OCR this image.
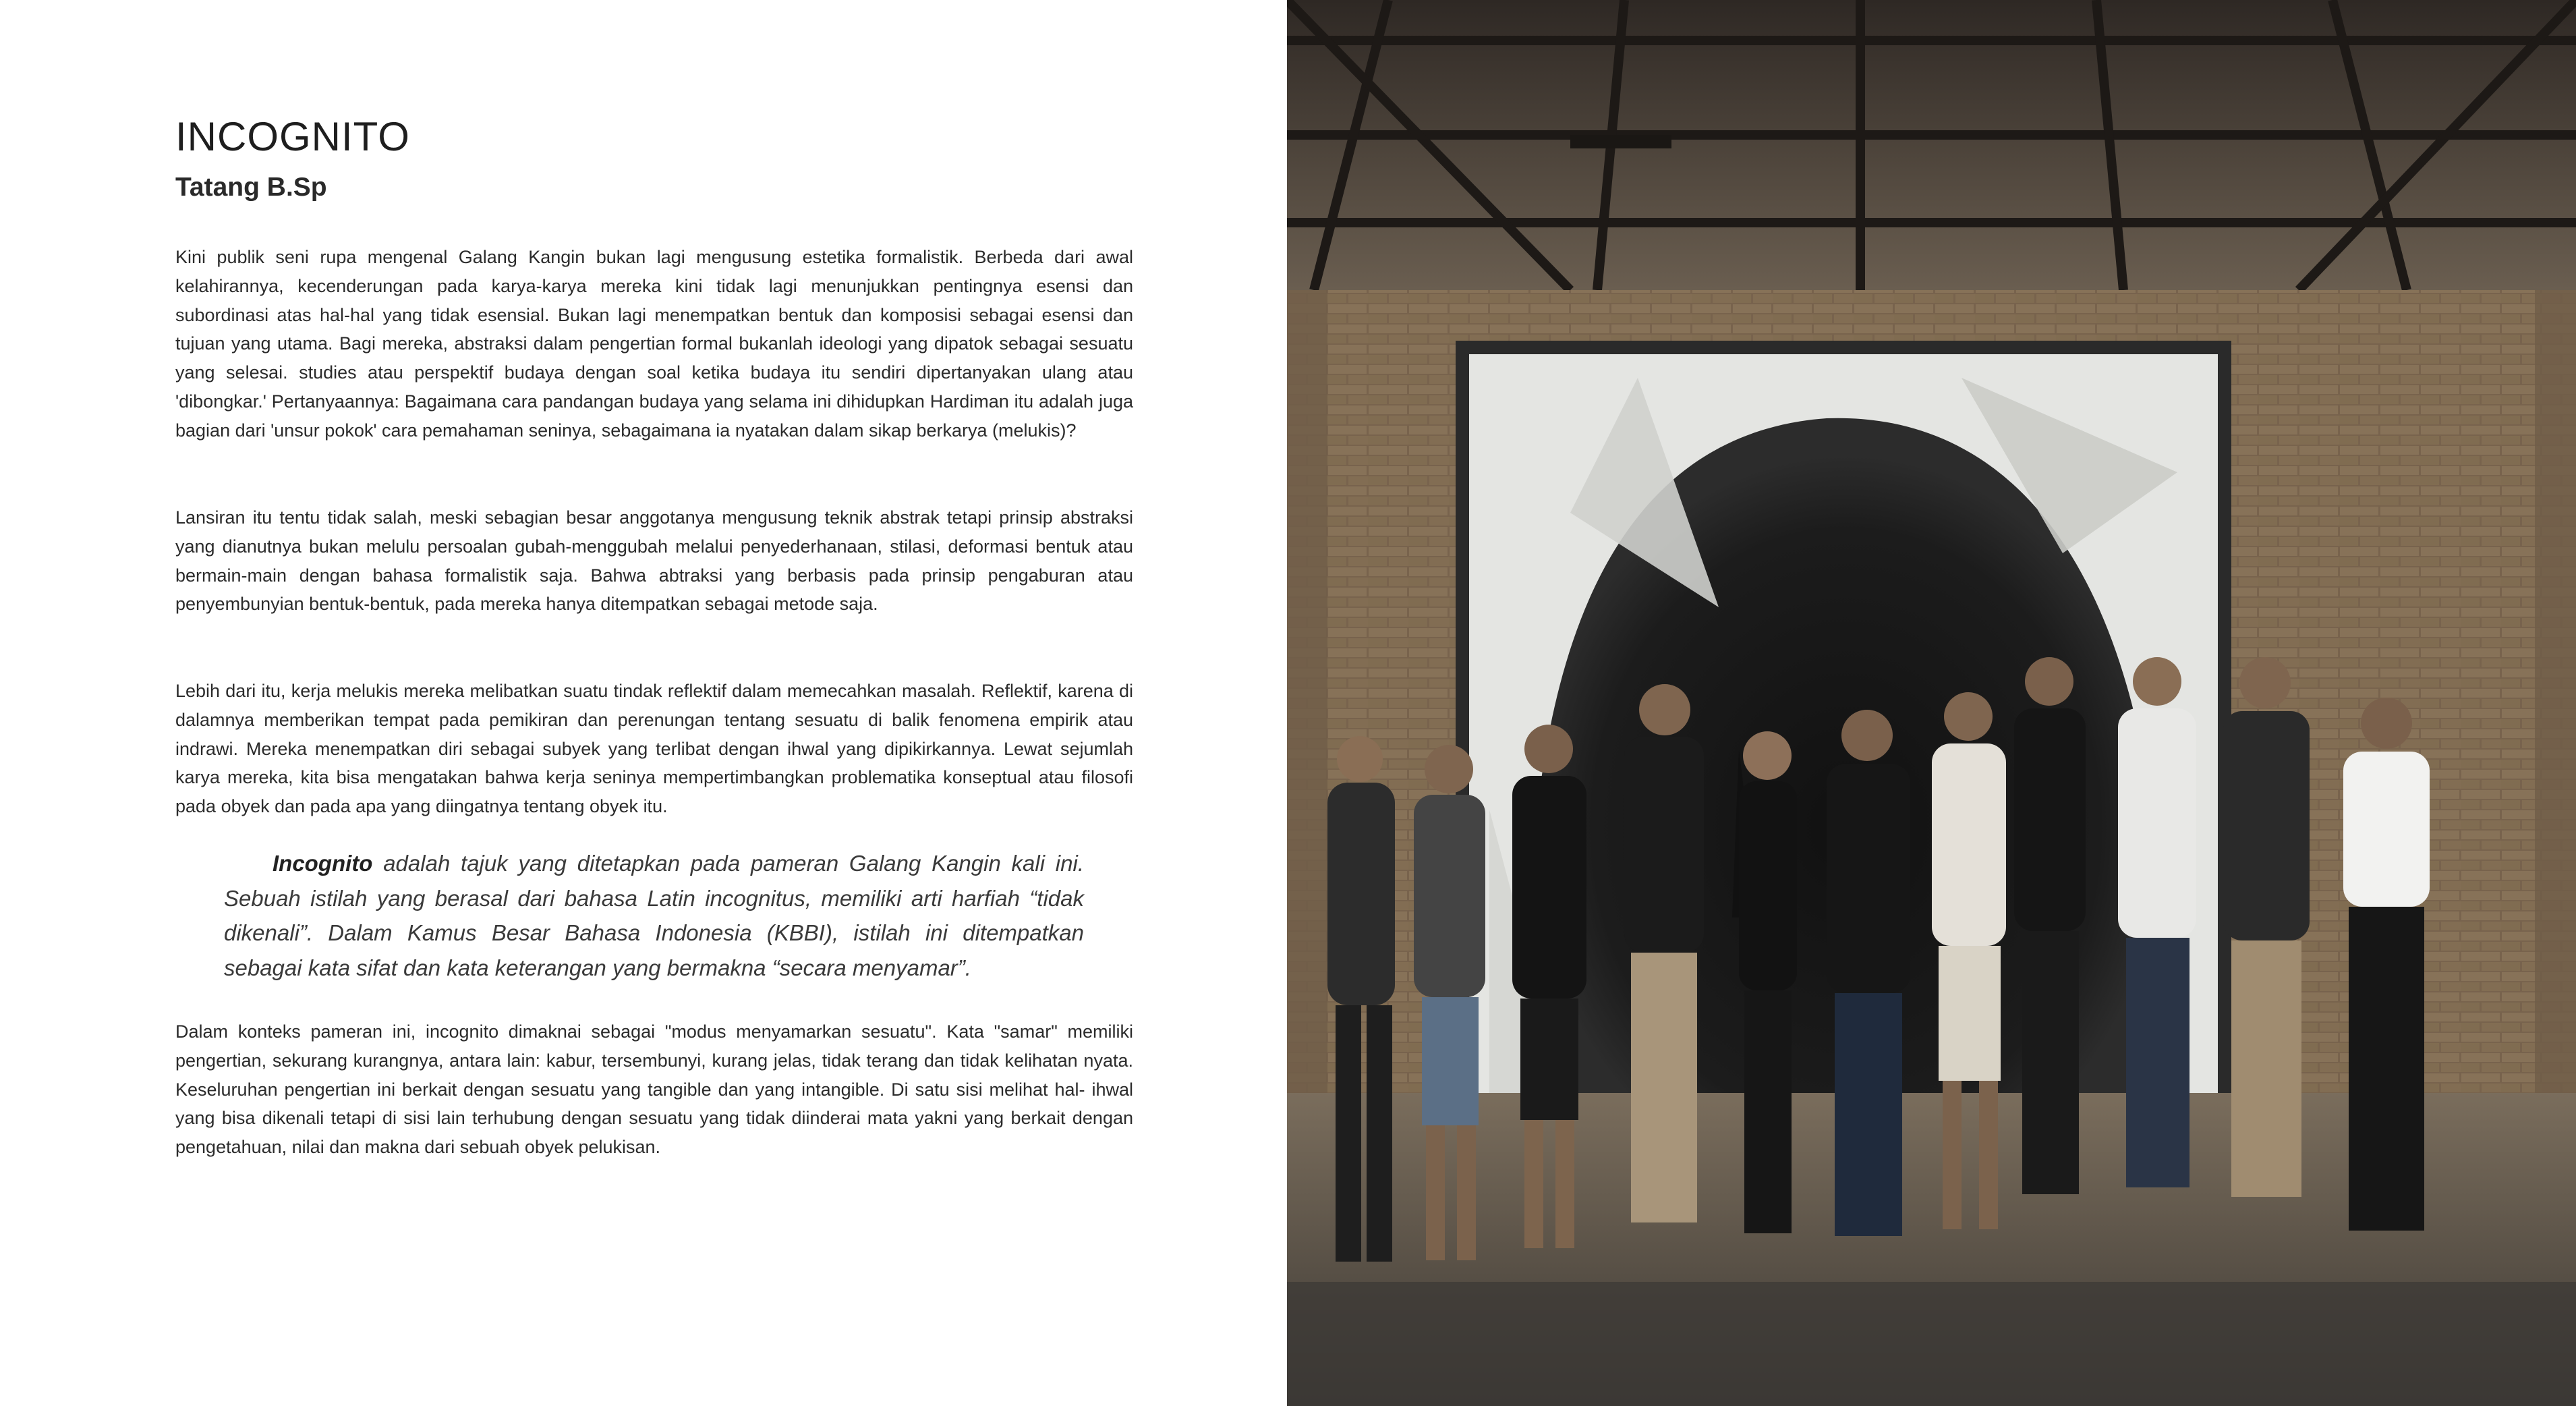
INCOGNITO
Tatang B.Sp

Kini publik seni rupa mengenal Galang Kangin bukan lagi mengusung estetika formalistik. Berbeda dari awal kelahirannya, kecenderungan pada karya-karya mereka kini tidak lagi menunjukkan pentingnya esensi dan subordinasi atas hal-hal yang tidak esensial. Bukan lagi menempatkan bentuk dan komposisi sebagai esensi dan tujuan yang utama. Bagi mereka, abstraksi dalam pengertian formal bukanlah ideologi yang dipatok sebagai sesuatu yang selesai. studies atau perspektif budaya dengan soal ketika budaya itu sendiri dipertanyakan ulang atau 'dibongkar.' Pertanyaannya: Bagaimana cara pandangan budaya yang selama ini dihidupkan Hardiman itu adalah juga bagian dari 'unsur pokok' cara pemahaman seninya, sebagaimana ia nyatakan dalam sikap berkarya (melukis)?

Lansiran itu tentu tidak salah, meski sebagian besar anggotanya mengusung teknik abstrak tetapi prinsip abstraksi yang dianutnya bukan melulu persoalan gubah-menggubah melalui penyederhanaan, stilasi, deformasi bentuk atau bermain-main dengan bahasa formalistik saja. Bahwa abtraksi yang berbasis pada prinsip pengaburan atau penyembunyian bentuk-bentuk, pada mereka hanya ditempatkan sebagai metode saja.

Lebih dari itu, kerja melukis mereka melibatkan suatu tindak reflektif dalam memecahkan masalah. Reflektif, karena di dalamnya memberikan tempat pada pemikiran dan perenungan tentang sesuatu di balik fenomena empirik atau indrawi. Mereka menempatkan diri sebagai subyek yang terlibat dengan ihwal yang dipikirkannya. Lewat sejumlah karya mereka, kita bisa mengatakan bahwa kerja seninya mempertimbangkan problematika konseptual atau filosofi pada obyek dan pada apa yang diingatnya tentang obyek itu.

Incognito adalah tajuk yang ditetapkan pada pameran Galang Kangin kali ini. Sebuah istilah yang berasal dari bahasa Latin incognitus, memiliki arti harfiah “tidak dikenali”. Dalam Kamus Besar Bahasa Indonesia (KBBI), istilah ini ditempatkan sebagai kata sifat dan kata keterangan yang bermakna “secara menyamar”.

Dalam konteks pameran ini, incognito dimaknai sebagai "modus menyamarkan sesuatu". Kata "samar" memiliki pengertian, sekurang kurangnya, antara lain: kabur, tersembunyi, kurang jelas, tidak terang dan tidak kelihatan nyata. Keseluruhan pengertian ini berkait dengan sesuatu yang tangible dan yang intangible. Di satu sisi melihat hal- ihwal yang bisa dikenali tetapi di sisi lain terhubung dengan sesuatu yang tidak diinderai mata yakni yang berkait dengan pengetahuan, nilai dan makna dari sebuah obyek pelukisan.
